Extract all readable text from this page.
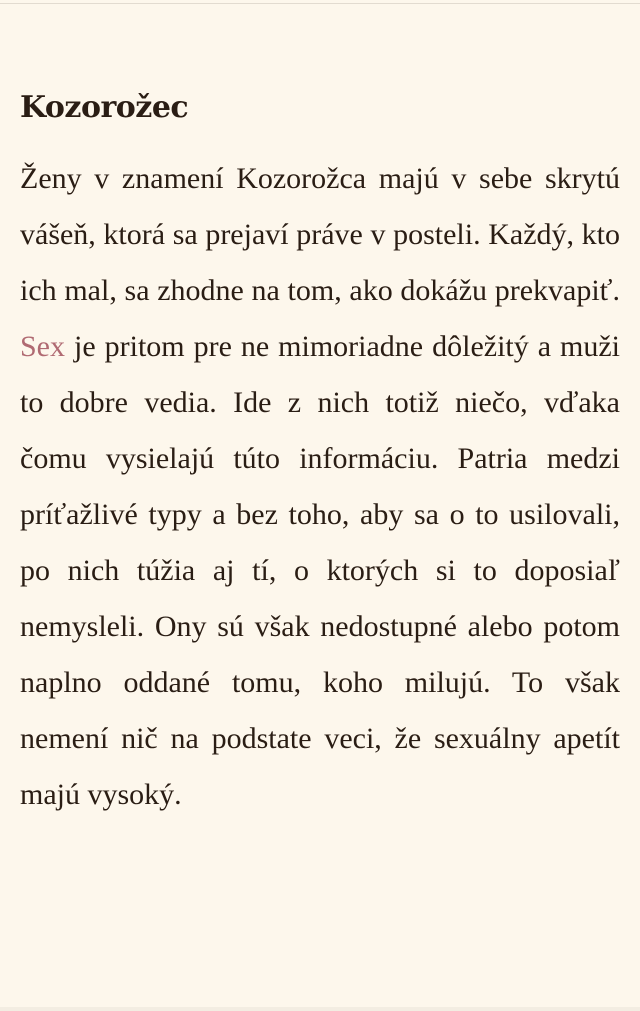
Kozorožec

Ženy v znamení Kozorožca majú v sebe skrytú vášeň, ktorá sa prejaví práve v posteli. Každý, kto ich mal, sa zhodne na tom, ako dokážu prekvapiť. Sex je pritom pre ne mimoriadne dôležitý a muži to dobre vedia. Ide z nich totiž niečo, vďaka čomu vysielajú túto informáciu. Patria medzi príťažlivé typy a bez toho, aby sa o to usilovali, po nich túžia aj tí, o ktorých si to doposiaľ nemysleli. Ony sú však nedostupné alebo potom naplno oddané tomu, koho milujú. To však nemení nič na podstate veci, že sexuálny apetít majú vysoký.
